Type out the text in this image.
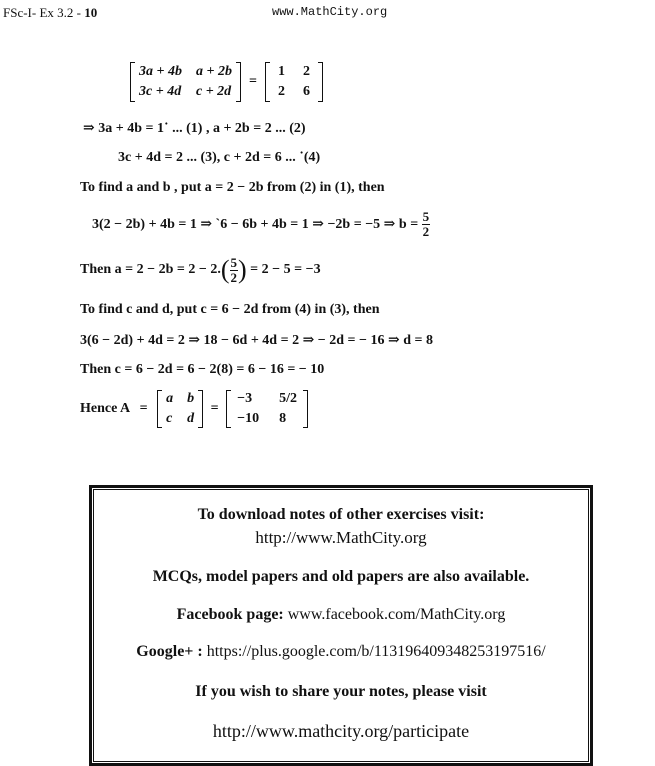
FSc-I- Ex 3.2 - 10	www.MathCity.org
3a + 4b a + 2b
3c + 4d c + 2d
=
1 2
2 6
⇒ 3a + 4b = 1˙ ... (1) , a + 2b = 2 ... (2)
3c + 4d = 2 ... (3), c + 2d = 6 ... ˙(4)
To find a and b , put a = 2 − 2b from (2) in (1), then
3(2 − 2b) + 4b = 1 ⇒ `6 − 6b + 4b = 1 ⇒ −2b = −5 ⇒ $b = \frac{5}{2}$
Then $a = 2 - 2b = 2 - 2.( \frac{5}{2}$ ) = 2 − 5 = −3
To find c and d, put c = 6 − 2d from (4) in (3), then
3(6 − 2d) + 4d = 2 ⇒ 18 − 6d + 4d = 2 ⇒ − 2d = − 16 ⇒ d = 8
Then c = 6 − 2d = 6 − 2(8) = 6 − 16 = − 10
Hence A =
a b
c d
=
−3	5/2
−10 8
To download notes of other exercises visit:
http://www.MathCity.org
MCQs, model papers and old papers are also available.
Facebook page: www.facebook.com/MathCity.org
Google+ : https://plus.google.com/b/113196409348253197516/
If you wish to share your notes, please visit
http://www.mathcity.org/participate
